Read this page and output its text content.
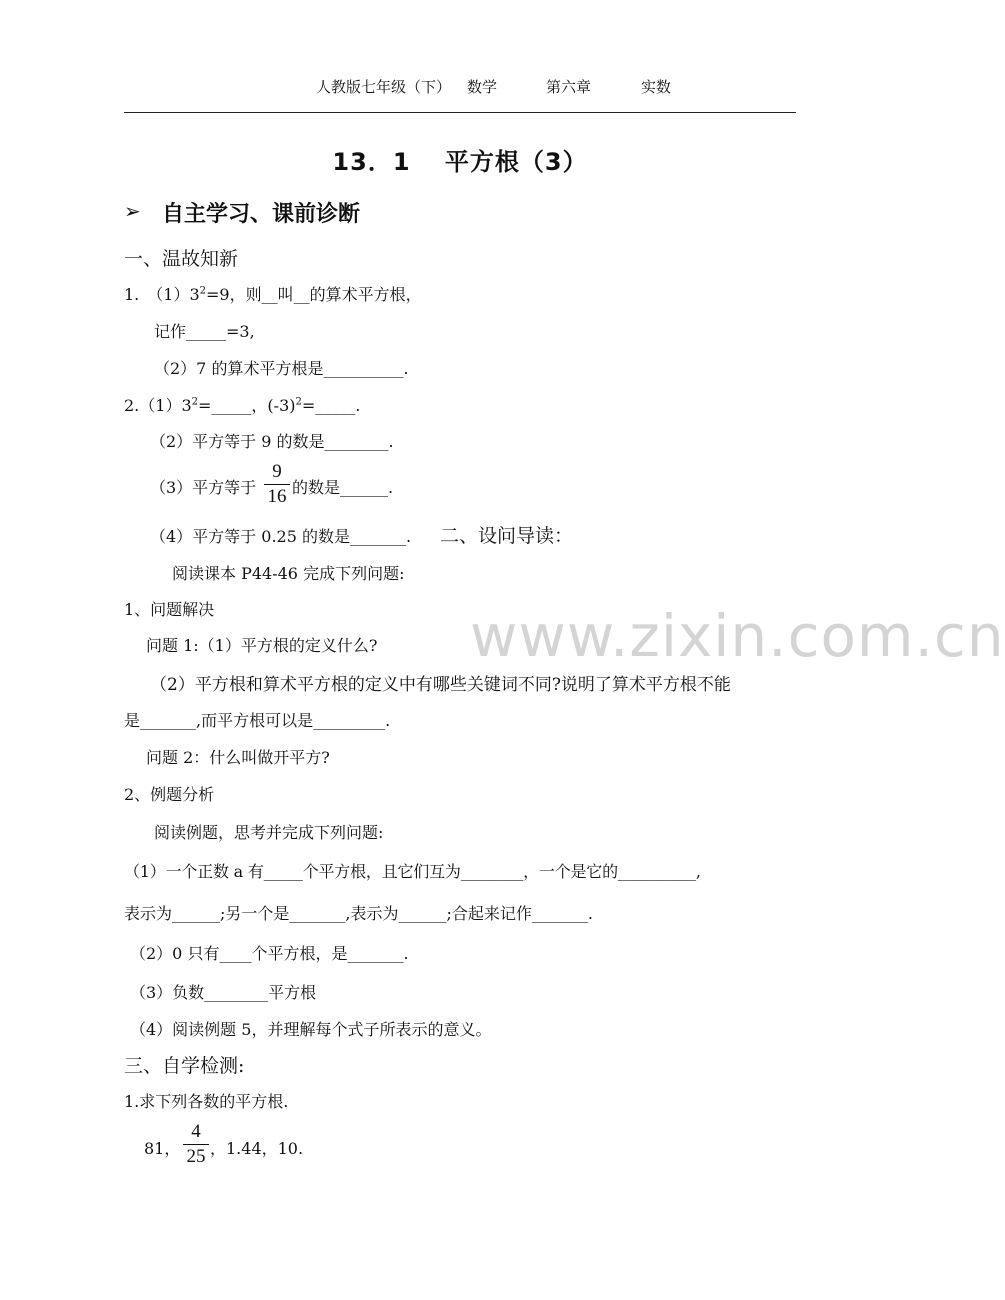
人教版七年级（下） 数学	第六章	实数
13．1　 平方根（3）
➢ 自主学习、课前诊断
一、温故知新
1.　$(1)3^2=9$，则__叫__的算术平方根，
记作_____=3,
（2）7 的算术平方根是__________.
$2.(1)3^2=\_\_\_\_\_$，$(-3)^2=\_\_\_\_\_$.
（2）平方等于 9 的数是________.
（3）平方等于
9
16 的数是______.
（4）平方等于 0.25 的数是_______. 二、设问导读：
阅读课本 P44-46 完成下列问题:
1、问题解决
问题 1:（1）平方根的定义什么?
（2）平方根和算术平方根的定义中有哪些关键词不同?说明了算术平方根不能
是_______,而平方根可以是_________.
问题 2：什么叫做开平方?
2、例题分析
阅读例题，思考并完成下列问题:
（1）一个正数 a 有_____个平方根，且它们互为________，一个是它的__________,
表示为______;另一个是_______,表示为______;合起来记作_______.
（2）0 只有____个平方根，是_______.
（3）负数________平方根
（4）阅读例题 5，并理解每个式子所表示的意义。
三、自学检测:
1.求下列各数的平方根.
81，
4
25 ，1.44，10.
www.zixin.com.cn
